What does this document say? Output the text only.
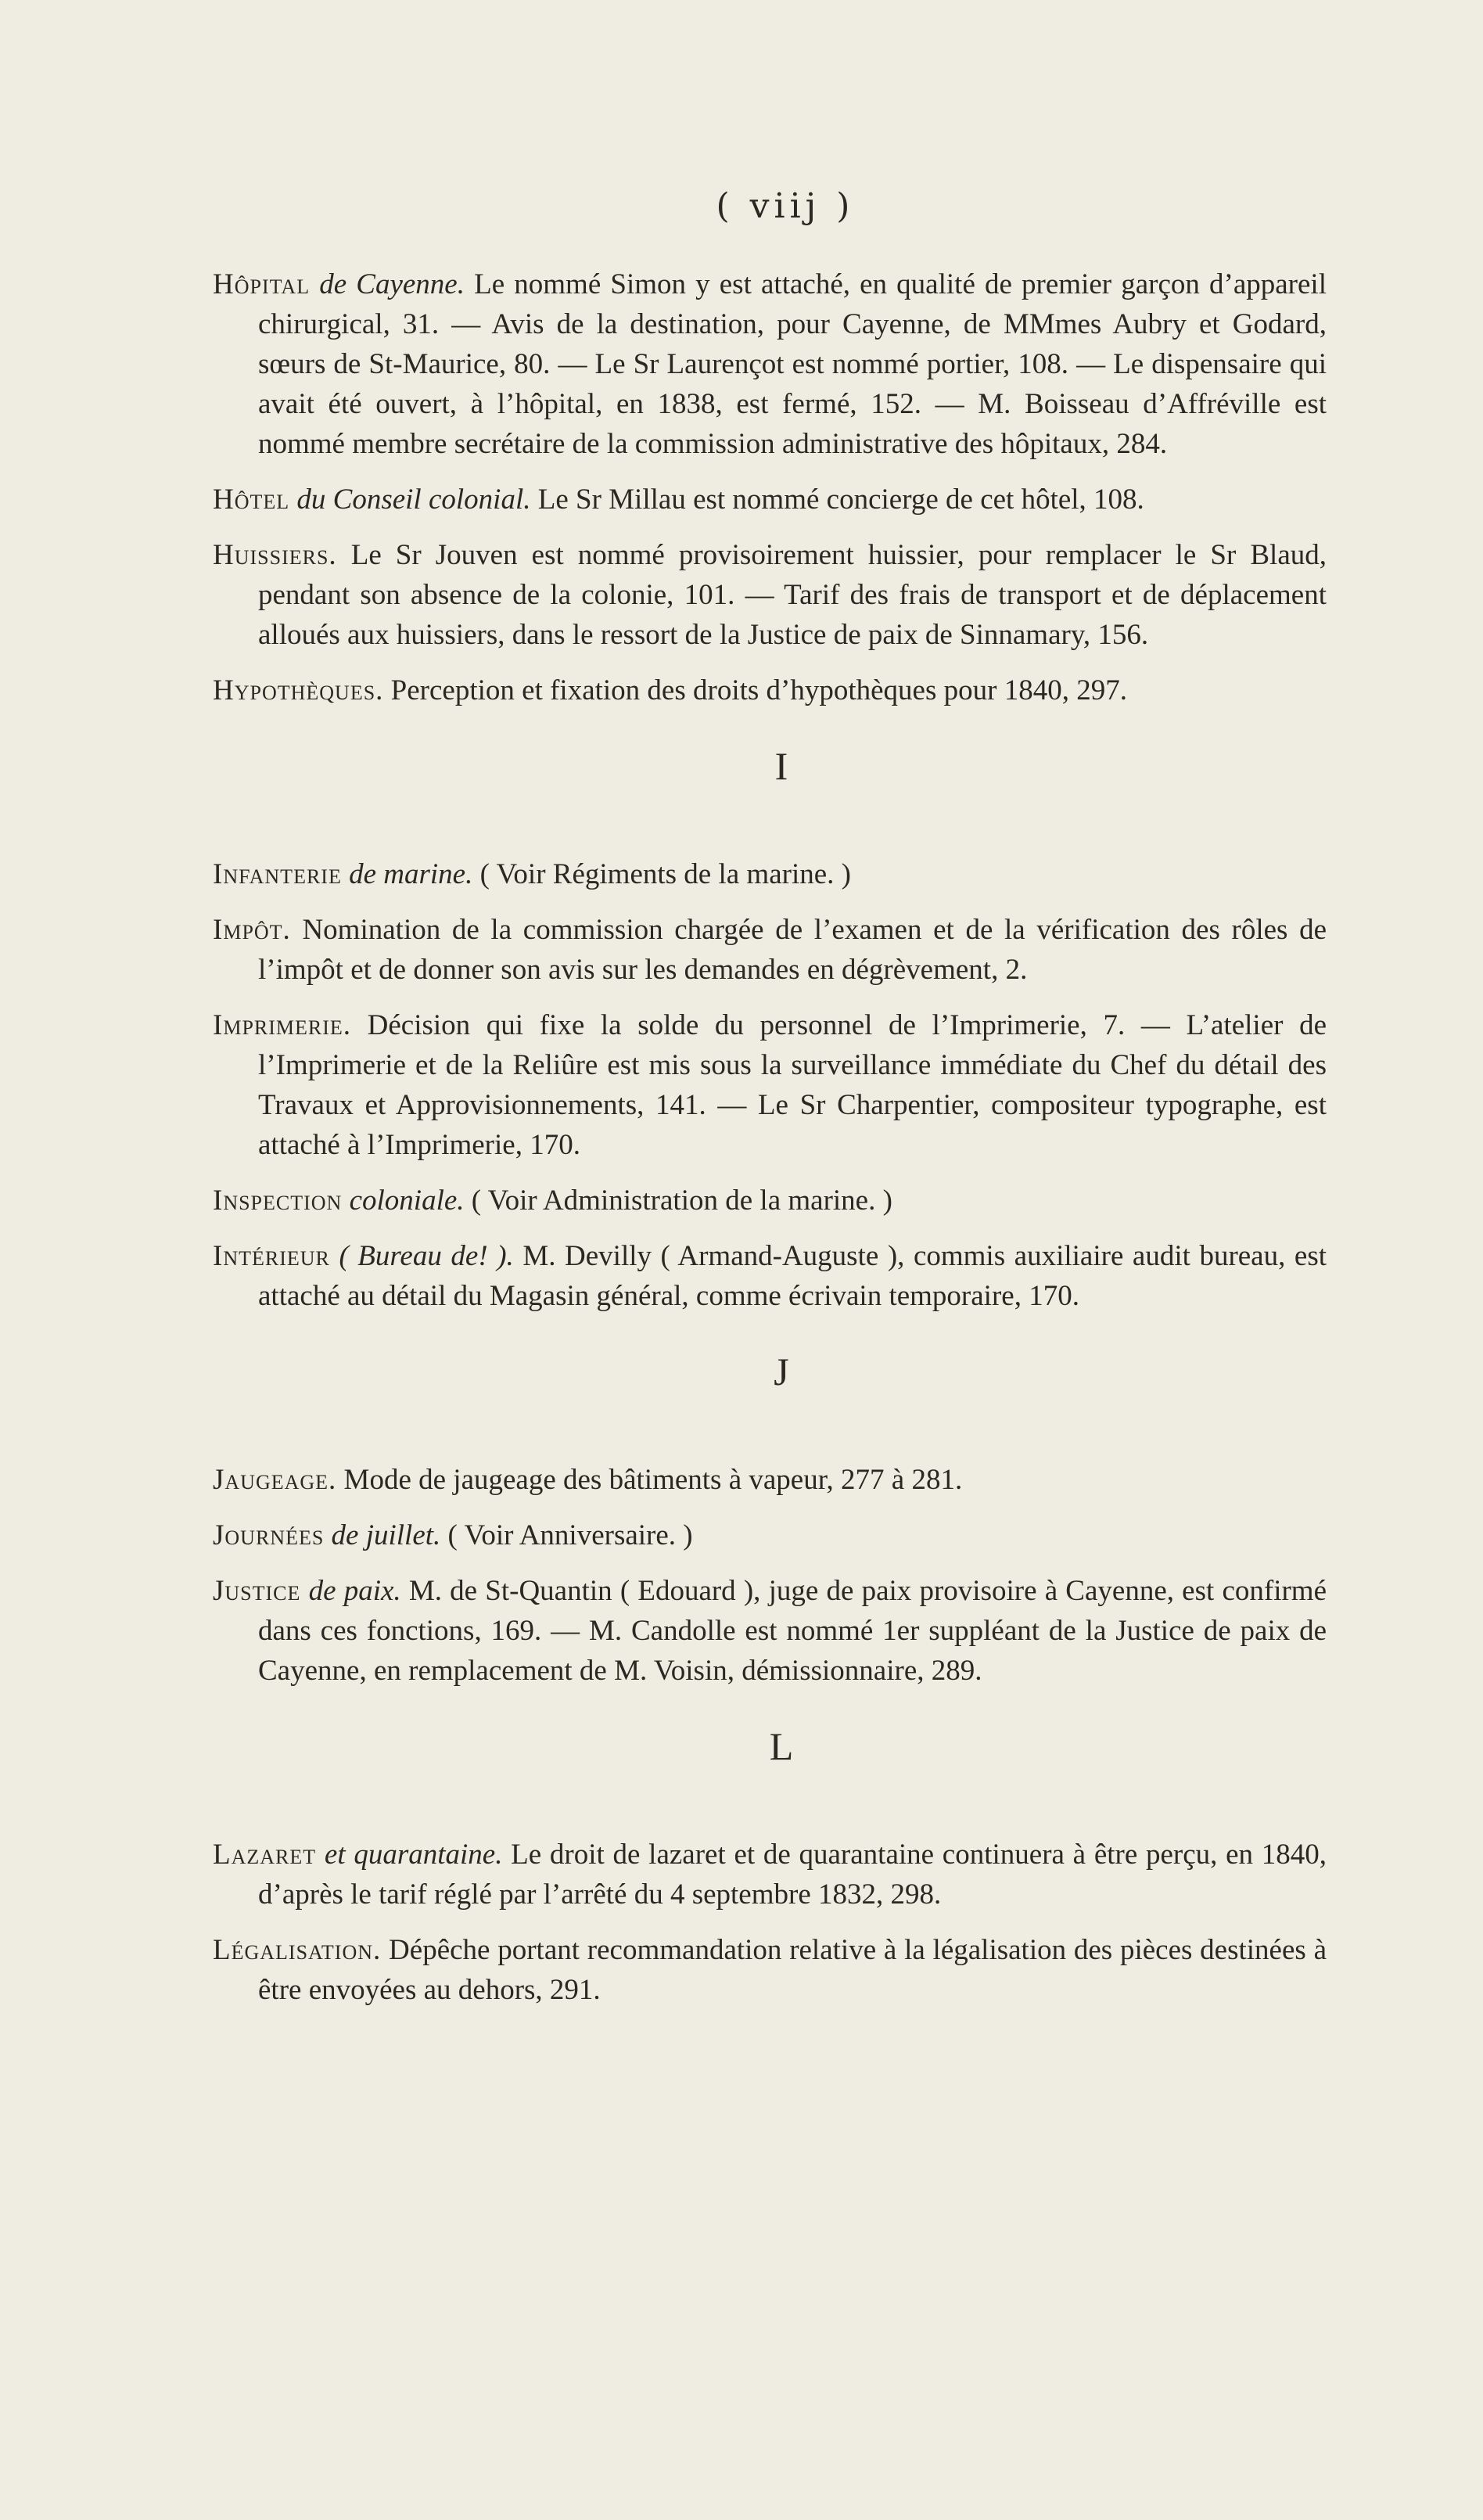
( viij )

Hôpital de Cayenne. Le nommé Simon y est attaché, en qualité de premier garçon d’appareil chirurgical, 31. — Avis de la destination, pour Cayenne, de MMmes Aubry et Godard, sœurs de St-Maurice, 80. — Le Sr Laurençot est nommé portier, 108. — Le dispensaire qui avait été ouvert, à l’hôpital, en 1838, est fermé, 152. — M. Boisseau d’Affréville est nommé membre secrétaire de la commission administrative des hôpitaux, 284.

Hôtel du Conseil colonial. Le Sr Millau est nommé concierge de cet hôtel, 108.

Huissiers. Le Sr Jouven est nommé provisoirement huissier, pour remplacer le Sr Blaud, pendant son absence de la colonie, 101. — Tarif des frais de transport et de déplacement alloués aux huissiers, dans le ressort de la Justice de paix de Sinnamary, 156.

Hypothèques. Perception et fixation des droits d’hypothèques pour 1840, 297.

I

Infanterie de marine. ( Voir Régiments de la marine. )

Impôt. Nomination de la commission chargée de l’examen et de la vérification des rôles de l’impôt et de donner son avis sur les demandes en dégrèvement, 2.

Imprimerie. Décision qui fixe la solde du personnel de l’Imprimerie, 7. — L’atelier de l’Imprimerie et de la Reliûre est mis sous la surveillance immédiate du Chef du détail des Travaux et Approvisionnements, 141. — Le Sr Charpentier, compositeur typographe, est attaché à l’Imprimerie, 170.

Inspection coloniale. ( Voir Administration de la marine. )

Intérieur ( Bureau de! ). M. Devilly ( Armand-Auguste ), commis auxiliaire audit bureau, est attaché au détail du Magasin général, comme écrivain temporaire, 170.

J

Jaugeage. Mode de jaugeage des bâtiments à vapeur, 277 à 281.

Journées de juillet. ( Voir Anniversaire. )

Justice de paix. M. de St-Quantin ( Edouard ), juge de paix provisoire à Cayenne, est confirmé dans ces fonctions, 169. — M. Candolle est nommé 1er suppléant de la Justice de paix de Cayenne, en remplacement de M. Voisin, démissionnaire, 289.

L

Lazaret et quarantaine. Le droit de lazaret et de quarantaine continuera à être perçu, en 1840, d’après le tarif réglé par l’arrêté du 4 septembre 1832, 298.

Légalisation. Dépêche portant recommandation relative à la légalisation des pièces destinées à être envoyées au dehors, 291.
